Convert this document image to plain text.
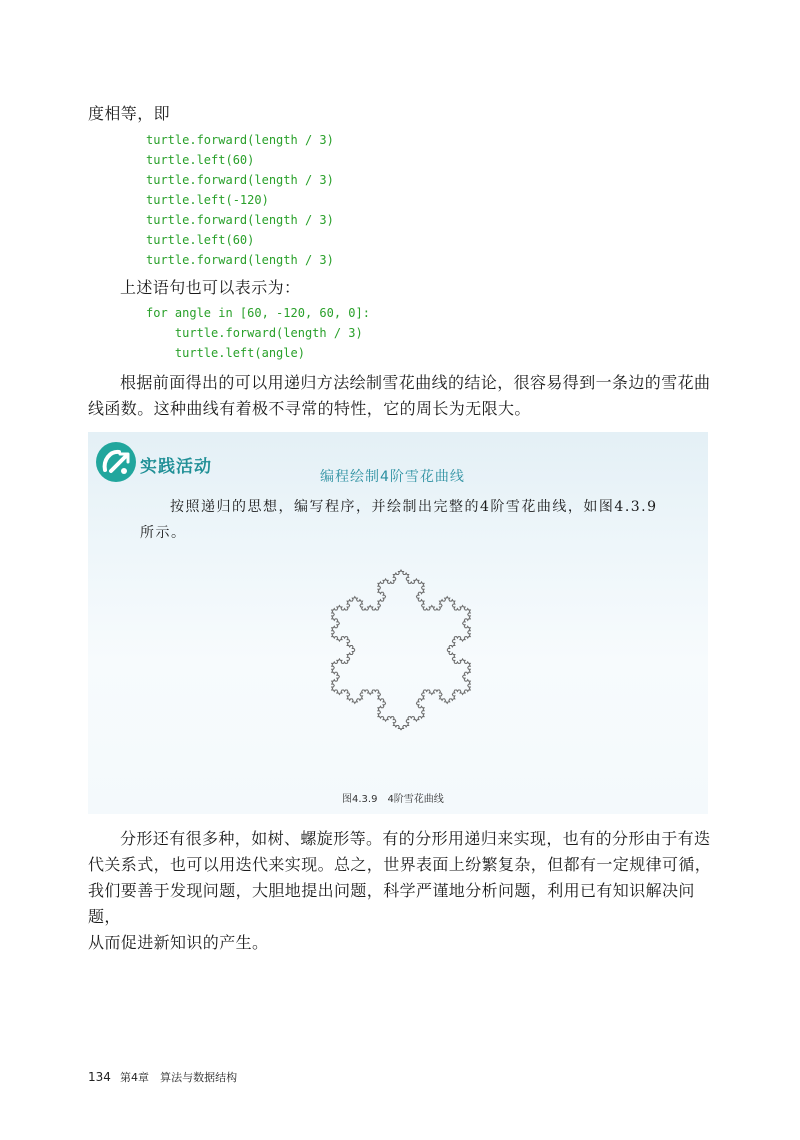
度相等，即
turtle.forward(length / 3)
turtle.left(60)
turtle.forward(length / 3)
turtle.left(-120)
turtle.forward(length / 3)
turtle.left(60)
turtle.forward(length / 3)
上述语句也可以表示为：
for angle in [60, -120, 60, 0]:
turtle.forward(length / 3)
turtle.left(angle)
根据前面得出的可以用递归方法绘制雪花曲线的结论，很容易得到一条边的雪花曲
线函数。这种曲线有着极不寻常的特性，它的周长为无限大。
实践活动	编程绘制4阶雪花曲线
按照递归的思想，编写程序，并绘制出完整的4阶雪花曲线，如图4.3.9
所示。
图4.3.9　4阶雪花曲线
分形还有很多种，如树、螺旋形等。有的分形用递归来实现，也有的分形由于有迭
代关系式，也可以用迭代来实现。总之，世界表面上纷繁复杂，但都有一定规律可循，
我们要善于发现问题，大胆地提出问题，科学严谨地分析问题，利用已有知识解决问题，
从而促进新知识的产生。
134 第4章 算法与数据结构
